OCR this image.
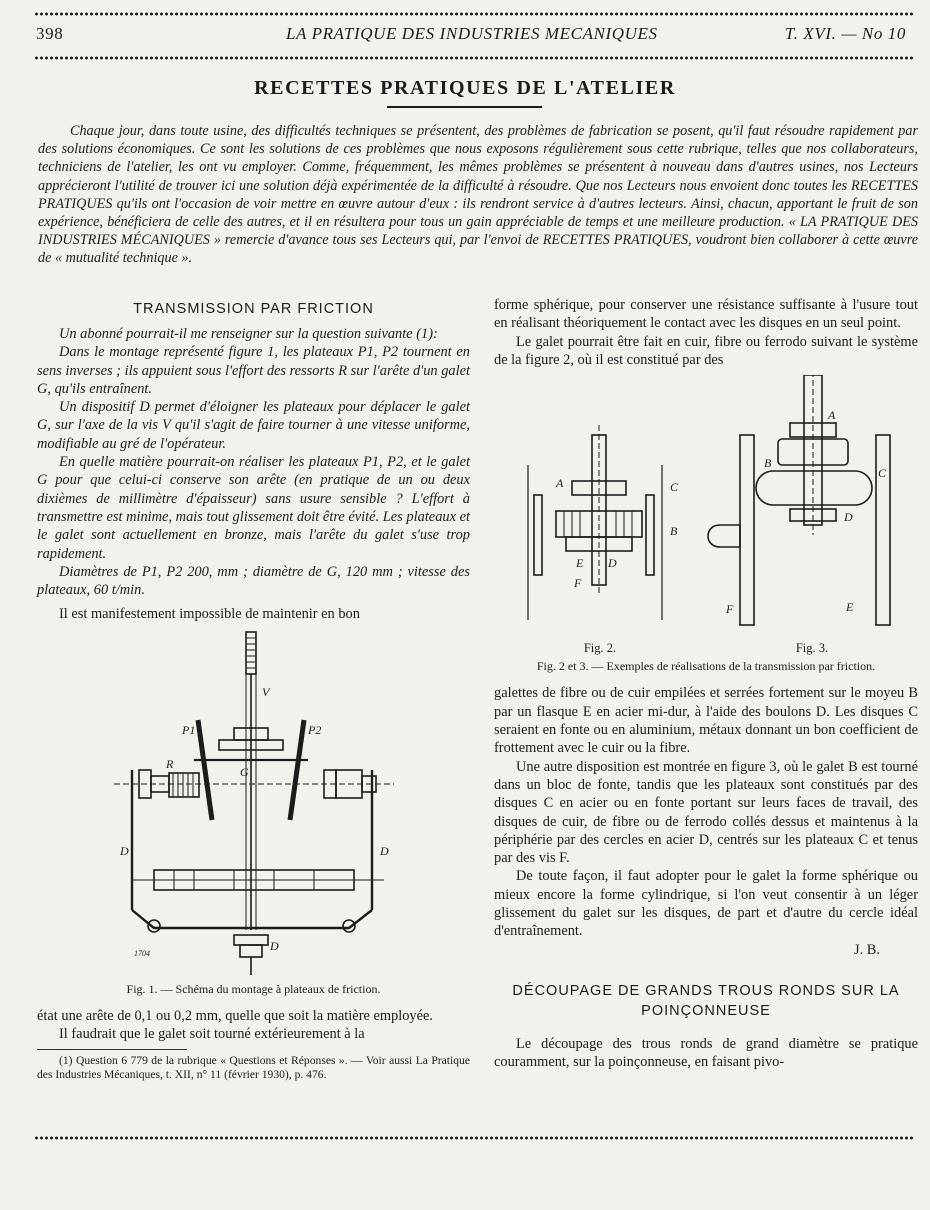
398	LA PRATIQUE DES INDUSTRIES MECANIQUES	T. XVI. — No 10
RECETTES PRATIQUES DE L'ATELIER

Chaque jour, dans toute usine, des difficultés techniques se présentent, des problèmes de fabrication se posent, qu'il faut résoudre rapidement par des solutions économiques. Ce sont les solutions de ces problèmes que nous exposons régulièrement sous cette rubrique, telles que nos collaborateurs, techniciens de l'atelier, les ont vu employer. Comme, fréquemment, les mêmes problèmes se présentent à nouveau dans d'autres usines, nos Lecteurs apprécieront l'utilité de trouver ici une solution déjà expérimentée de la difficulté à résoudre. Que nos Lecteurs nous envoient donc toutes les RECETTES PRATIQUES qu'ils ont l'occasion de voir mettre en œuvre autour d'eux : ils rendront service à d'autres lecteurs. Ainsi, chacun, apportant le fruit de son expérience, bénéficiera de celle des autres, et il en résultera pour tous un gain appréciable de temps et une meilleure production. « LA PRATIQUE DES INDUSTRIES MÉCANIQUES » remercie d'avance tous ses Lecteurs qui, par l'envoi de RECETTES PRATIQUES, voudront bien collaborer à cette œuvre de « mutualité technique ».

TRANSMISSION PAR FRICTION

Un abonné pourrait-il me renseigner sur la question suivante (1):

Dans le montage représenté figure 1, les plateaux P1, P2 tournent en sens inverses ; ils appuient sous l'effort des ressorts R sur l'arête d'un galet G, qu'ils entraînent.

Un dispositif D permet d'éloigner les plateaux pour déplacer le galet G, sur l'axe de la vis V qu'il s'agit de faire tourner à une vitesse uniforme, modifiable au gré de l'opérateur.

En quelle matière pourrait-on réaliser les plateaux P1, P2, et le galet G pour que celui-ci conserve son arête (en pratique de un ou deux dixièmes de millimètre d'épaisseur) sans usure sensible ? L'effort à transmettre est minime, mais tout glissement doit être évité. Les plateaux et le galet sont actuellement en bronze, mais l'arête du galet s'use trop rapidement.

Diamètres de P1, P2 200, mm ; diamètre de G, 120 mm ; vitesse des plateaux, 60 t/min.

Il est manifestement impossible de maintenir en bon

V
P1	P2
R
G
D	D
D
1704
Fig. 1. — Schéma du montage à plateaux de friction.

état une arête de 0,1 ou 0,2 mm, quelle que soit la matière employée.

Il faudrait que le galet soit tourné extérieurement à la

(1) Question 6 779 de la rubrique « Questions et Réponses ». — Voir aussi La Pratique des Industries Mécaniques, t. XII, n° 11 (février 1930), p. 476.

forme sphérique, pour conserver une résistance suffisante à l'usure tout en réalisant théoriquement le contact avec les disques en un seul point.

Le galet pourrait être fait en cuir, fibre ou ferrodo suivant le système de la figure 2, où il est constitué par des

A	C
B
E D
F
A
B
C
D
F	E
Fig. 2.	Fig. 3.
Fig. 2 et 3. — Exemples de réalisations de la transmission par friction.

galettes de fibre ou de cuir empilées et serrées fortement sur le moyeu B par un flasque E en acier mi-dur, à l'aide des boulons D. Les disques C seraient en fonte ou en aluminium, métaux donnant un bon coefficient de frottement avec le cuir ou la fibre.

Une autre disposition est montrée en figure 3, où le galet B est tourné dans un bloc de fonte, tandis que les plateaux sont constitués par des disques C en acier ou en fonte portant sur leurs faces de travail, des disques de cuir, de fibre ou de ferrodo collés dessus et maintenus à la périphérie par des cercles en acier D, centrés sur les plateaux C et tenus par des vis F.

De toute façon, il faut adopter pour le galet la forme sphérique ou mieux encore la forme cylindrique, si l'on veut consentir à un léger glissement du galet sur les disques, de part et d'autre du cercle idéal d'entraînement.

J. B.

DÉCOUPAGE DE GRANDS TROUS RONDS SUR LA POINÇONNEUSE

Le découpage des trous ronds de grand diamètre se pratique couramment, sur la poinçonneuse, en faisant pivo-
